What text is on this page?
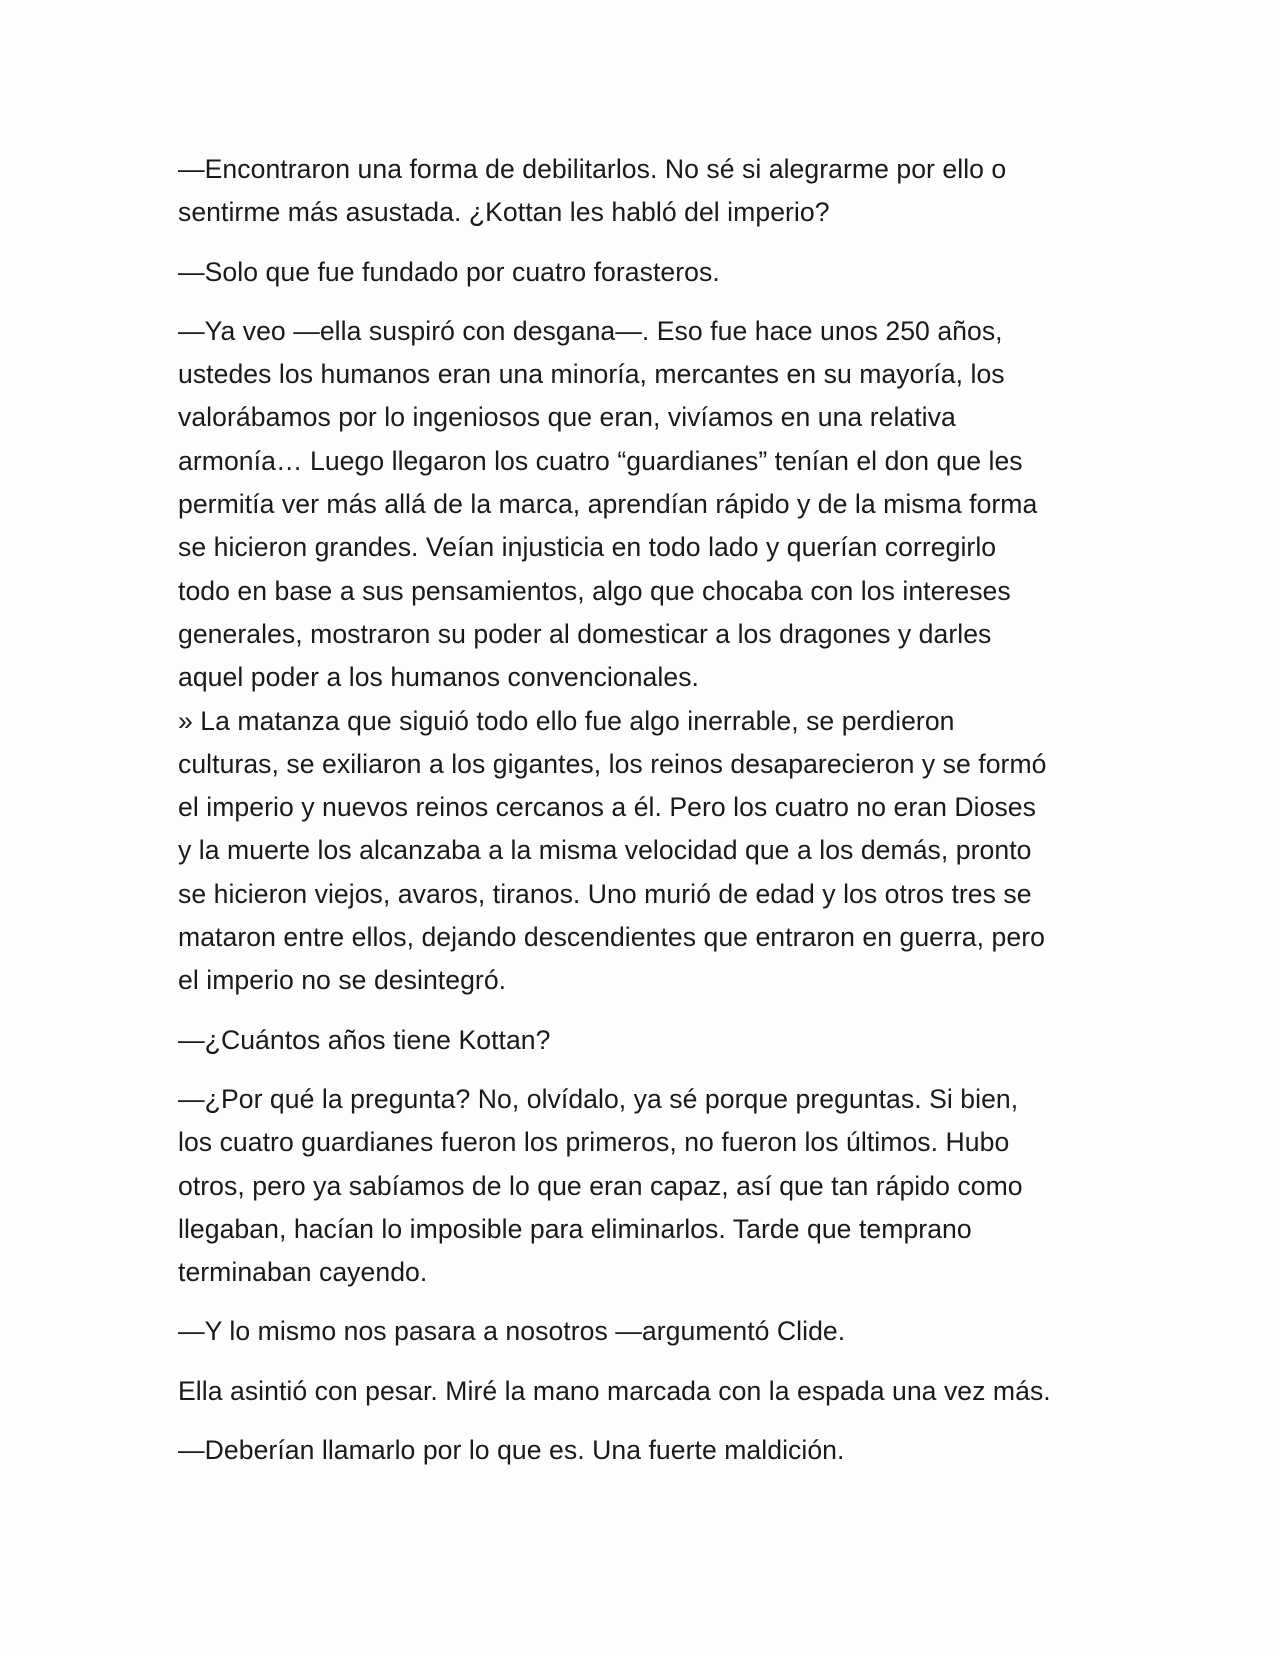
—Encontraron una forma de debilitarlos. No sé si alegrarme por ello o
sentirme más asustada. ¿Kottan les habló del imperio?

—Solo que fue fundado por cuatro forasteros.

—Ya veo —ella suspiró con desgana—. Eso fue hace unos 250 años,
ustedes los humanos eran una minoría, mercantes en su mayoría, los
valorábamos por lo ingeniosos que eran, vivíamos en una relativa
armonía… Luego llegaron los cuatro “guardianes” tenían el don que les
permitía ver más allá de la marca, aprendían rápido y de la misma forma
se hicieron grandes. Veían injusticia en todo lado y querían corregirlo
todo en base a sus pensamientos, algo que chocaba con los intereses
generales, mostraron su poder al domesticar a los dragones y darles
aquel poder a los humanos convencionales.

» La matanza que siguió todo ello fue algo inerrable, se perdieron
culturas, se exiliaron a los gigantes, los reinos desaparecieron y se formó
el imperio y nuevos reinos cercanos a él. Pero los cuatro no eran Dioses
y la muerte los alcanzaba a la misma velocidad que a los demás, pronto
se hicieron viejos, avaros, tiranos. Uno murió de edad y los otros tres se
mataron entre ellos, dejando descendientes que entraron en guerra, pero
el imperio no se desintegró.

—¿Cuántos años tiene Kottan?

—¿Por qué la pregunta? No, olvídalo, ya sé porque preguntas. Si bien,
los cuatro guardianes fueron los primeros, no fueron los últimos. Hubo
otros, pero ya sabíamos de lo que eran capaz, así que tan rápido como
llegaban, hacían lo imposible para eliminarlos. Tarde que temprano
terminaban cayendo.

—Y lo mismo nos pasara a nosotros —argumentó Clide.

Ella asintió con pesar. Miré la mano marcada con la espada una vez más.

—Deberían llamarlo por lo que es. Una fuerte maldición.
